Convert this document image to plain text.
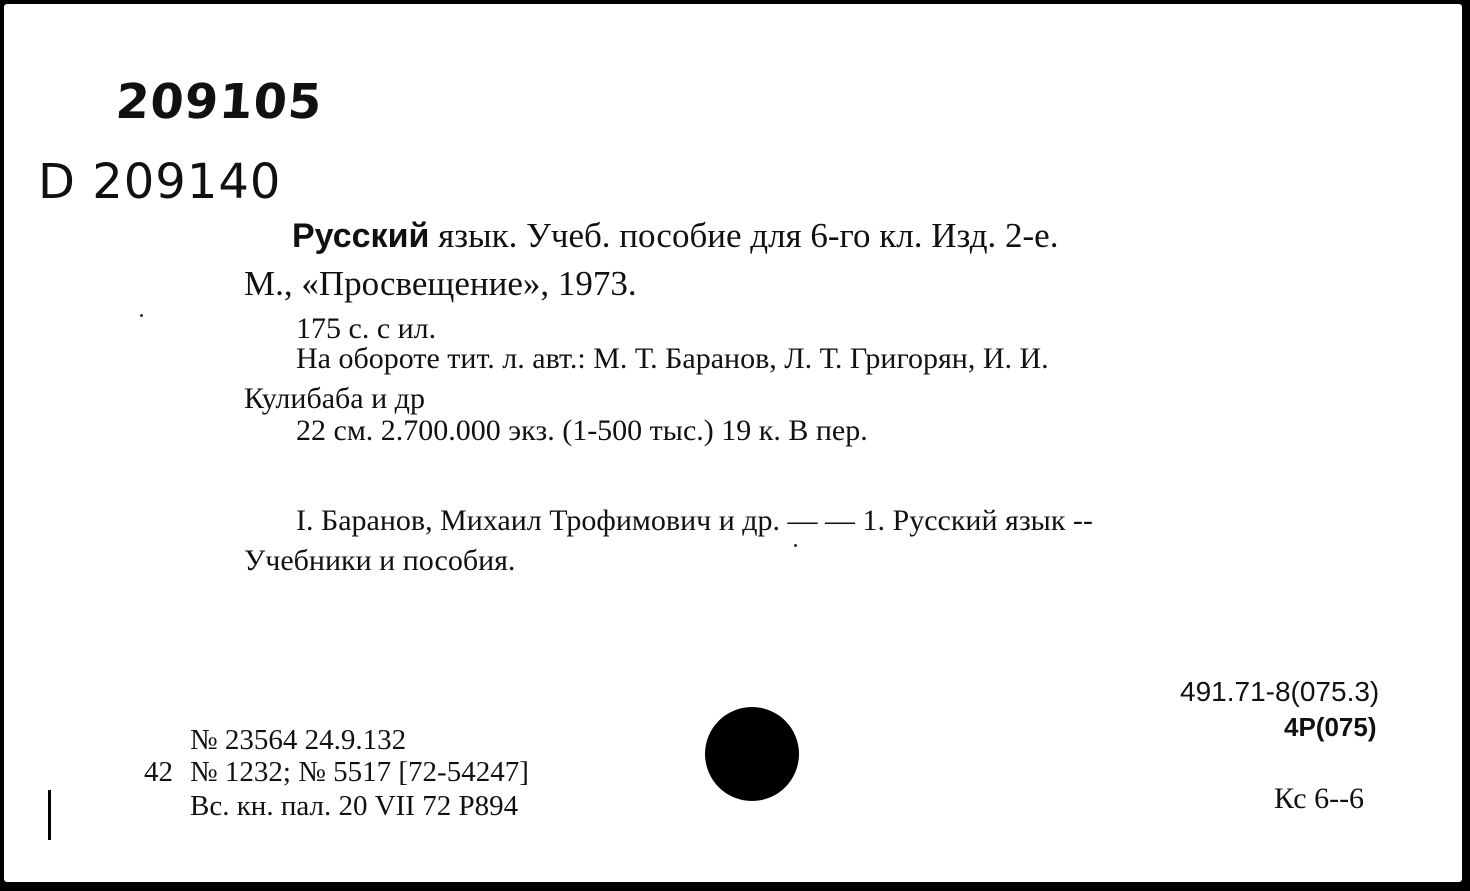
209105
D 209140
Русский язык. Учеб. пособие для 6-го кл. Изд. 2-е.
М., «Просвещение», 1973.
175 с. с ил.
На обороте тит. л. авт.: М. Т. Баранов, Л. Т. Григорян, И. И.
Кулибаба и др
22 см. 2.700.000 экз. (1-500 тыс.) 19 к. В пер.
I. Баранов, Михаил Трофимович и др. — — 1. Русский язык --
Учебники и пособия.
№ 23564 24.9.132
42 № 1232; № 5517 [72-54247]
Вс. кн. пал. 20 VII 72 Р894
491.71-8(075.3)
4Р(075)
Кс 6--6
